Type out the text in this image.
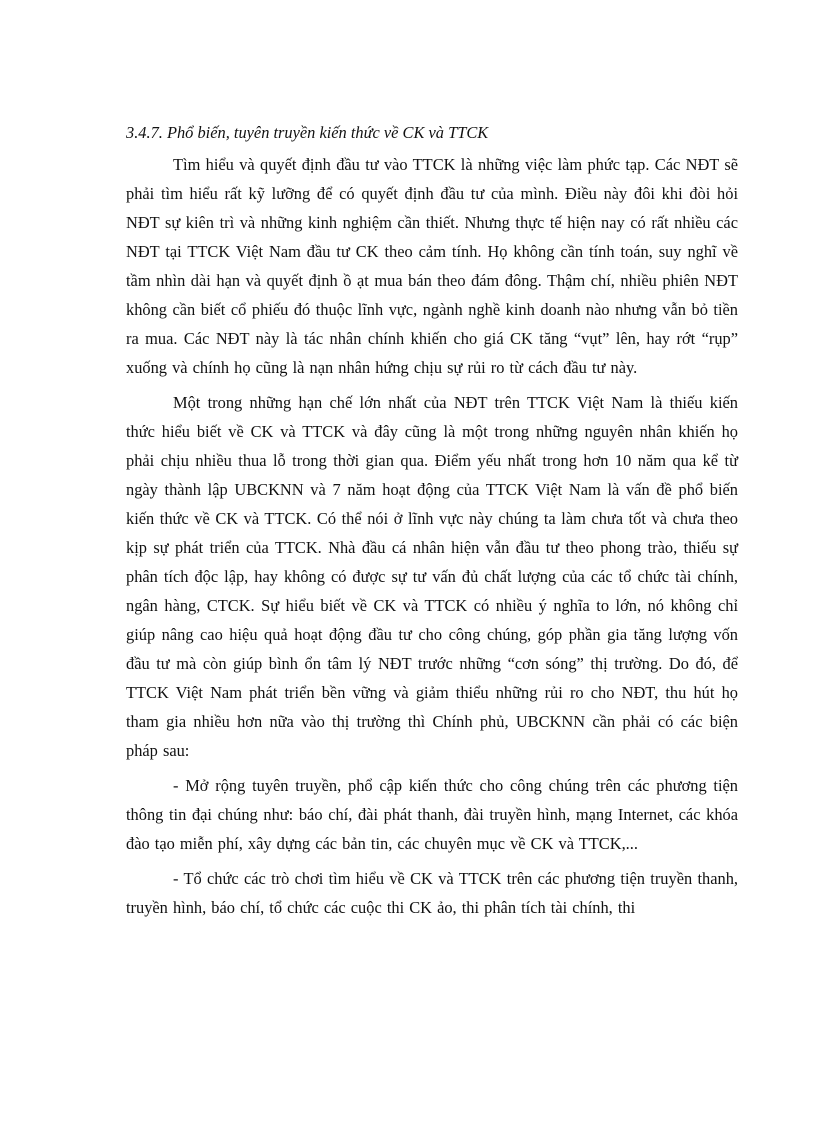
3.4.7. Phổ biến, tuyên truyền kiến thức về CK và TTCK

Tìm hiểu và quyết định đầu tư vào TTCK là những việc làm phức tạp. Các NĐT sẽ phải tìm hiểu rất kỹ lưỡng để có quyết định đầu tư của mình. Điều này đôi khi đòi hỏi NĐT sự kiên trì và những kinh nghiệm cần thiết. Nhưng thực tế hiện nay có rất nhiều các NĐT tại TTCK Việt Nam đầu tư CK theo cảm tính. Họ không cần tính toán, suy nghĩ về tầm nhìn dài hạn và quyết định ồ ạt mua bán theo đám đông. Thậm chí, nhiều phiên NĐT không cần biết cổ phiếu đó thuộc lĩnh vực, ngành nghề kinh doanh nào nhưng vẫn bỏ tiền ra mua. Các NĐT này là tác nhân chính khiến cho giá CK tăng “vụt” lên, hay rớt “rụp” xuống và chính họ cũng là nạn nhân hứng chịu sự rủi ro từ cách đầu tư này.

Một trong những hạn chế lớn nhất của NĐT trên TTCK Việt Nam là thiếu kiến thức hiểu biết về CK và TTCK và đây cũng là một trong những nguyên nhân khiến họ phải chịu nhiều thua lỗ trong thời gian qua. Điểm yếu nhất trong hơn 10 năm qua kể từ ngày thành lập UBCKNN và 7 năm hoạt động của TTCK Việt Nam là vấn đề phổ biến kiến thức về CK và TTCK. Có thể nói ở lĩnh vực này chúng ta làm chưa tốt và chưa theo kịp sự phát triển của TTCK. Nhà đầu cá nhân hiện vẫn đầu tư theo phong trào, thiếu sự phân tích độc lập, hay không có được sự tư vấn đủ chất lượng của các tổ chức tài chính, ngân hàng, CTCK. Sự hiểu biết về CK và TTCK có nhiều ý nghĩa to lớn, nó không chỉ giúp nâng cao hiệu quả hoạt động đầu tư cho công chúng, góp phần gia tăng lượng vốn đầu tư mà còn giúp bình ổn tâm lý NĐT trước những “cơn sóng” thị trường. Do đó, để TTCK Việt Nam phát triển bền vững và giảm thiểu những rủi ro cho NĐT, thu hút họ tham gia nhiều hơn nữa vào thị trường thì Chính phủ, UBCKNN cần phải có các biện pháp sau:

- Mở rộng tuyên truyền, phổ cập kiến thức cho công chúng trên các phương tiện thông tin đại chúng như: báo chí, đài phát thanh, đài truyền hình, mạng Internet, các khóa đào tạo miễn phí, xây dựng các bản tin, các chuyên mục về CK và TTCK,...

- Tổ chức các trò chơi tìm hiểu về CK và TTCK trên các phương tiện truyền thanh, truyền hình, báo chí, tổ chức các cuộc thi CK ảo, thi phân tích tài chính, thi
